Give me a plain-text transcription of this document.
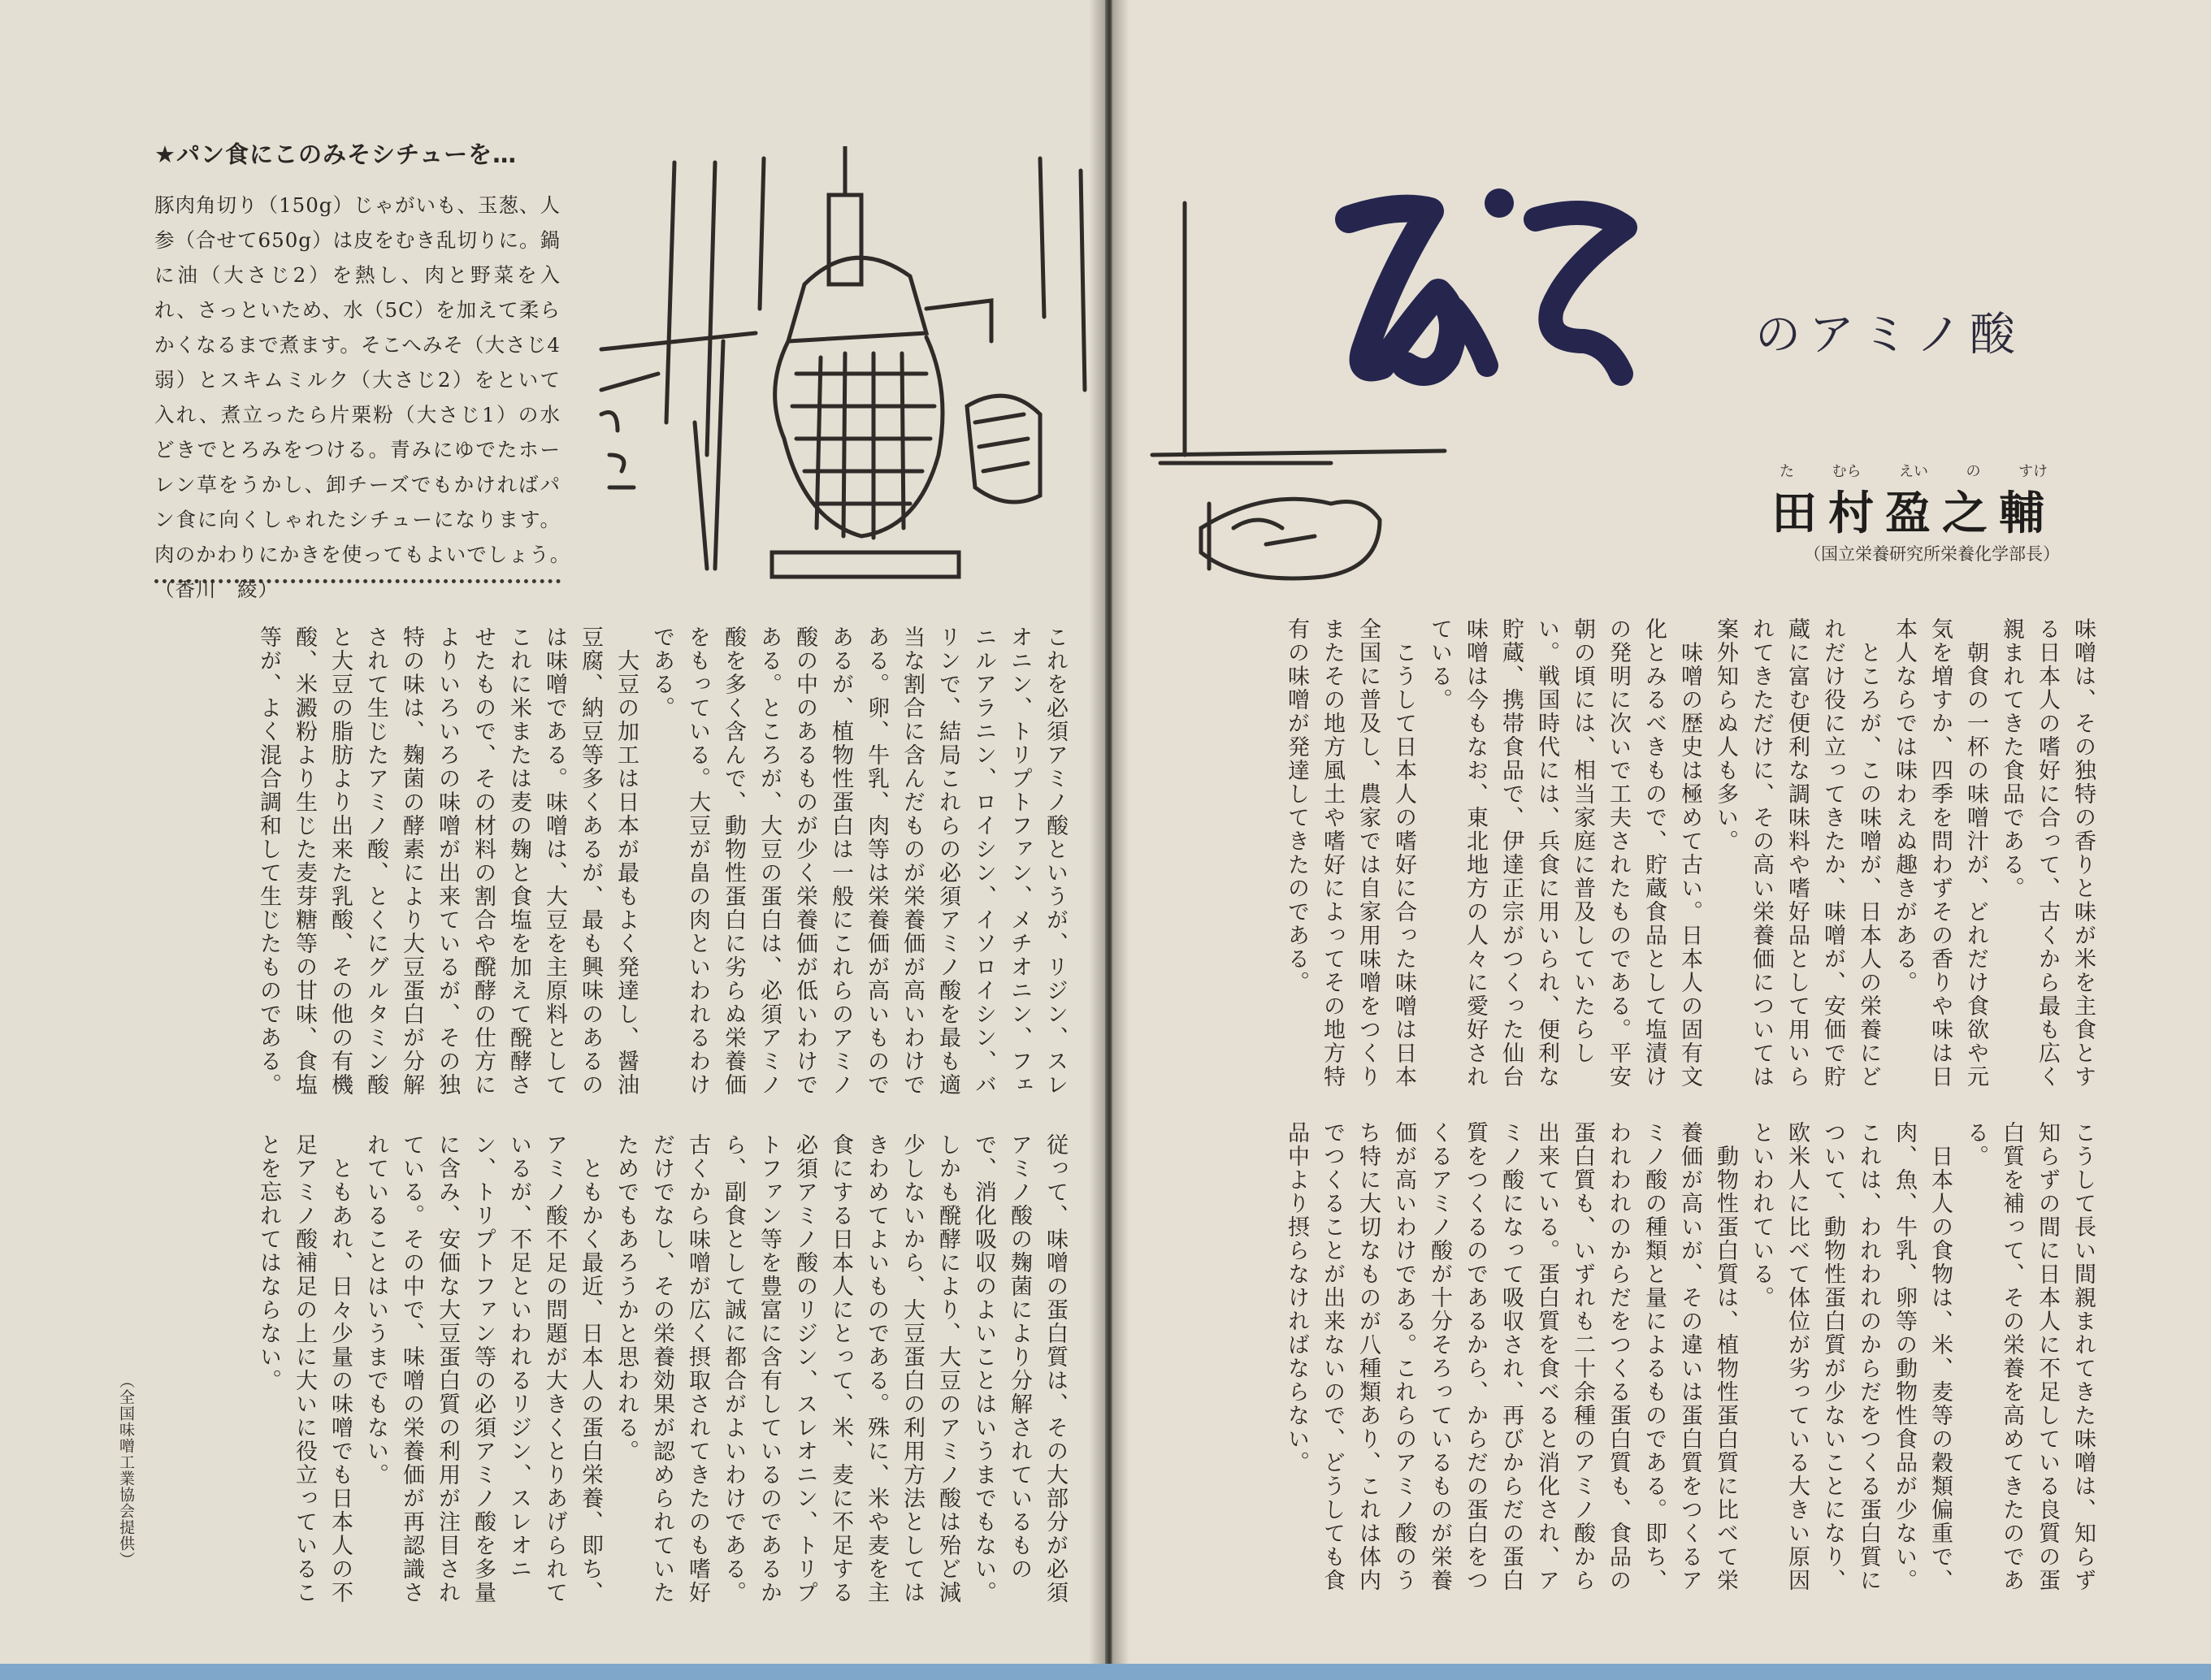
★パン食にこのみそシチューを…

豚肉角切り（150g）じゃがいも、玉葱、人参（合せて650g）は皮をむき乱切りに。鍋に油（大さじ2）を熱し、肉と野菜を入れ、さっといため、水（5C）を加えて柔らかくなるまで煮ます。そこへみそ（大さじ4弱）とスキムミルク（大さじ2）をといて入れ、煮立ったら片栗粉（大さじ1）の水どきでとろみをつける。青みにゆでたホーレン草をうかし、卸チーズでもかければパン食に向くしゃれたシチューになります。肉のかわりにかきを使ってもよいでしょう。　（香川　綾）

これを必須アミノ酸というが、リジン、スレオニン、トリプトファン、メチオニン、フェニルアラニン、ロイシン、イソロイシン、バリンで、結局これらの必須アミノ酸を最も適当な割合に含んだものが栄養価が高いわけである。卵、牛乳、肉等は栄養価が高いものであるが、植物性蛋白は一般にこれらのアミノ酸の中のあるものが少く栄養価が低いわけである。ところが、大豆の蛋白は、必須アミノ酸を多く含んで、動物性蛋白に劣らぬ栄養価をもっている。大豆が畠の肉といわれるわけである。
　大豆の加工は日本が最もよく発達し、醤油豆腐、納豆等多くあるが、最も興味のあるのは味噌である。味噌は、大豆を主原料としてこれに米または麦の麹と食塩を加えて醗酵させたもので、その材料の割合や醗酵の仕方によりいろいろの味噌が出来ているが、その独特の味は、麹菌の酵素により大豆蛋白が分解されて生じたアミノ酸、とくにグルタミン酸と大豆の脂肪より出来た乳酸、その他の有機酸、米澱粉より生じた麦芽糖等の甘味、食塩等が、よく混合調和して生じたものである。
従って、味噌の蛋白質は、その大部分が必須アミノ酸の麹菌により分解されているもので、消化吸収のよいことはいうまでもない。しかも醗酵により、大豆のアミノ酸は殆ど減少しないから、大豆蛋白の利用方法としてはきわめてよいものである。殊に、米や麦を主食にする日本人にとって、米、麦に不足する必須アミノ酸のリジン、スレオニン、トリプトファン等を豊富に含有しているのであるから、副食として誠に都合がよいわけである。古くから味噌が広く摂取されてきたのも嗜好だけでなし、その栄養効果が認められていたためでもあろうかと思われる。
　ともかく最近、日本人の蛋白栄養、即ち、アミノ酸不足の問題が大きくとりあげられているが、不足といわれるリジン、スレオニン、トリプトファン等の必須アミノ酸を多量に含み、安価な大豆蛋白質の利用が注目されている。その中で、味噌の栄養価が再認識されていることはいうまでもない。
　ともあれ、日々少量の味噌でも日本人の不足アミノ酸補足の上に大いに役立っていることを忘れてはならない。
（全国味噌工業協会提供）
のアミノ酸
た	むら	えい	の	すけ
田村盈之輔
（国立栄養研究所栄養化学部長）
味噌は、その独特の香りと味が米を主食とする日本人の嗜好に合って、古くから最も広く親まれてきた食品である。
　朝食の一杯の味噌汁が、どれだけ食欲や元気を増すか、四季を問わずその香りや味は日本人ならでは味わえぬ趣きがある。
　ところが、この味噌が、日本人の栄養にどれだけ役に立ってきたか、味噌が、安価で貯蔵に富む便利な調味料や嗜好品として用いられてきただけに、その高い栄養価については案外知らぬ人も多い。
　味噌の歴史は極めて古い。日本人の固有文化とみるべきもので、貯蔵食品として塩漬けの発明に次いで工夫されたものである。平安朝の頃には、相当家庭に普及していたらしい。戦国時代には、兵食に用いられ、便利な貯蔵、携帯食品で、伊達正宗がつくった仙台味噌は今もなお、東北地方の人々に愛好されている。
　こうして日本人の嗜好に合った味噌は日本全国に普及し、農家では自家用味噌をつくりまたその地方風土や嗜好によってその地方特有の味噌が発達してきたのである。
こうして長い間親まれてきた味噌は、知らず知らずの間に日本人に不足している良質の蛋白質を補って、その栄養を高めてきたのである。
　日本人の食物は、米、麦等の穀類偏重で、肉、魚、牛乳、卵等の動物性食品が少ない。これは、われわれのからだをつくる蛋白質について、動物性蛋白質が少ないことになり、欧米人に比べて体位が劣っている大きい原因といわれている。
　動物性蛋白質は、植物性蛋白質に比べて栄養価が高いが、その違いは蛋白質をつくるアミノ酸の種類と量によるものである。即ち、われわれのからだをつくる蛋白質も、食品の蛋白質も、いずれも二十余種のアミノ酸から出来ている。蛋白質を食べると消化され、アミノ酸になって吸収され、再びからだの蛋白質をつくるのであるから、からだの蛋白をつくるアミノ酸が十分そろっているものが栄養価が高いわけである。これらのアミノ酸のうち特に大切なものが八種類あり、これは体内でつくることが出来ないので、どうしても食品中より摂らなければならない。
